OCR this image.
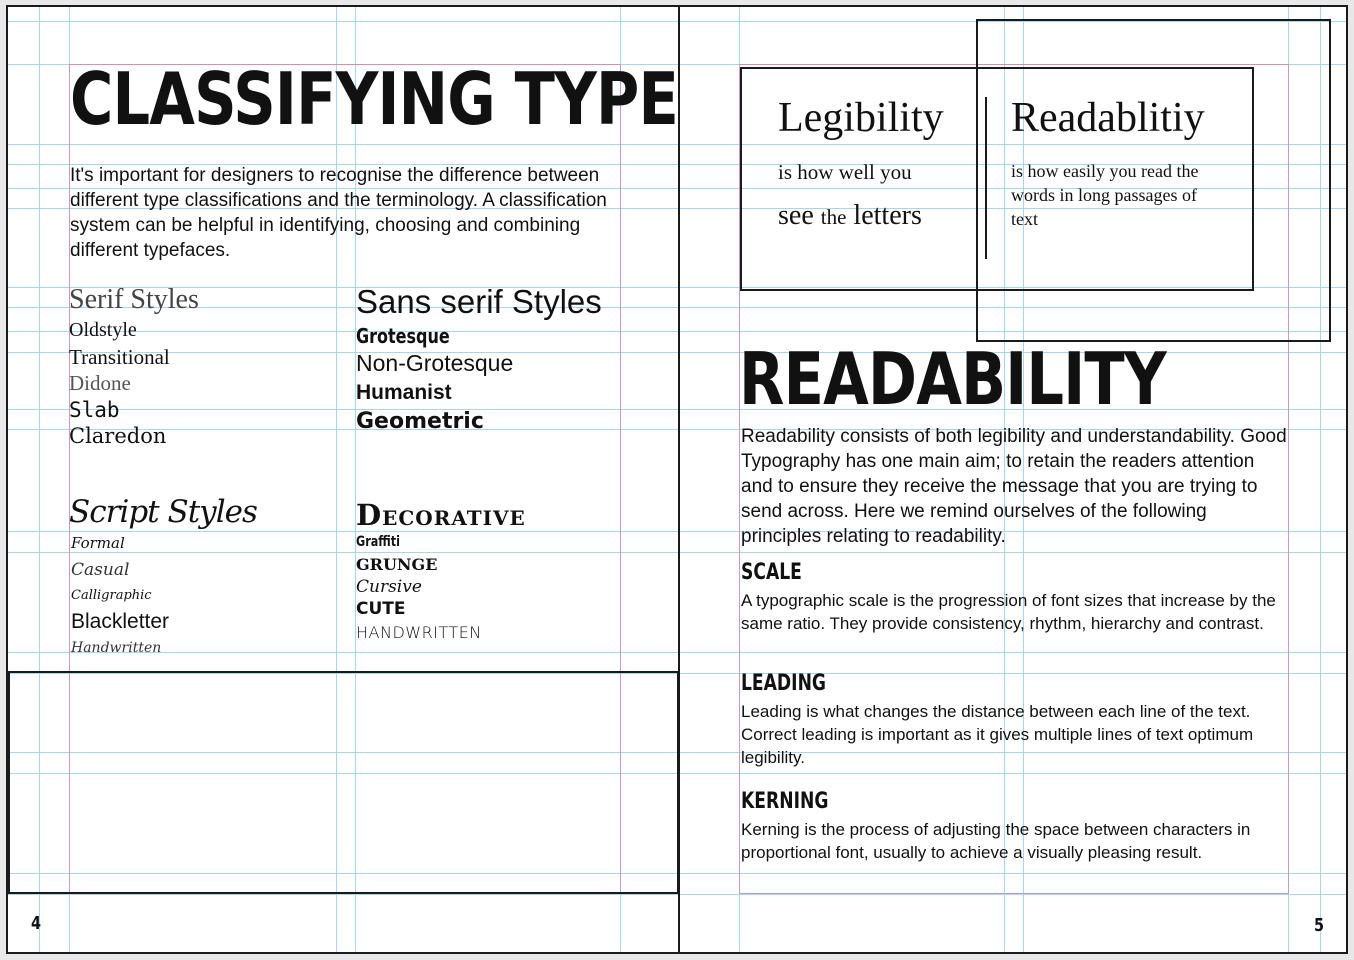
CLASSIFYING TYPE

It's important for designers to recognise the difference between different type classifications and the terminology. A classification system can be helpful in identifying, choosing and combining different typefaces.

Serif Styles
Oldstyle
Transitional
Didone
Slab
Claredon
Sans serif Styles
Grotesque
Non-Grotesque
Humanist
Geometric
Script Styles
Formal
Casual
Calligraphic
Blackletter
Handwritten
Decorative
Graffiti
GRUNGE
Cursive
CUTE
HANDWRITTEN
4
Legibility
is how well you
see the letters
Readablitiy

is how easily you read the words in long passages of text

READABILITY

Readability consists of both legibility and understandability. Good Typography has one main aim; to retain the readers attention and to ensure they receive the message that you are trying to send across. Here we remind ourselves of the following principles relating to readability.

SCALE

A typographic scale is the progression of font sizes that increase by the same ratio. They provide consistency, rhythm, hierarchy and contrast.

LEADING

Leading is what changes the distance between each line of the text. Correct leading is important as it gives multiple lines of text optimum legibility.

KERNING

Kerning is the process of adjusting the space between characters in proportional font, usually to achieve a visually pleasing result.

5
